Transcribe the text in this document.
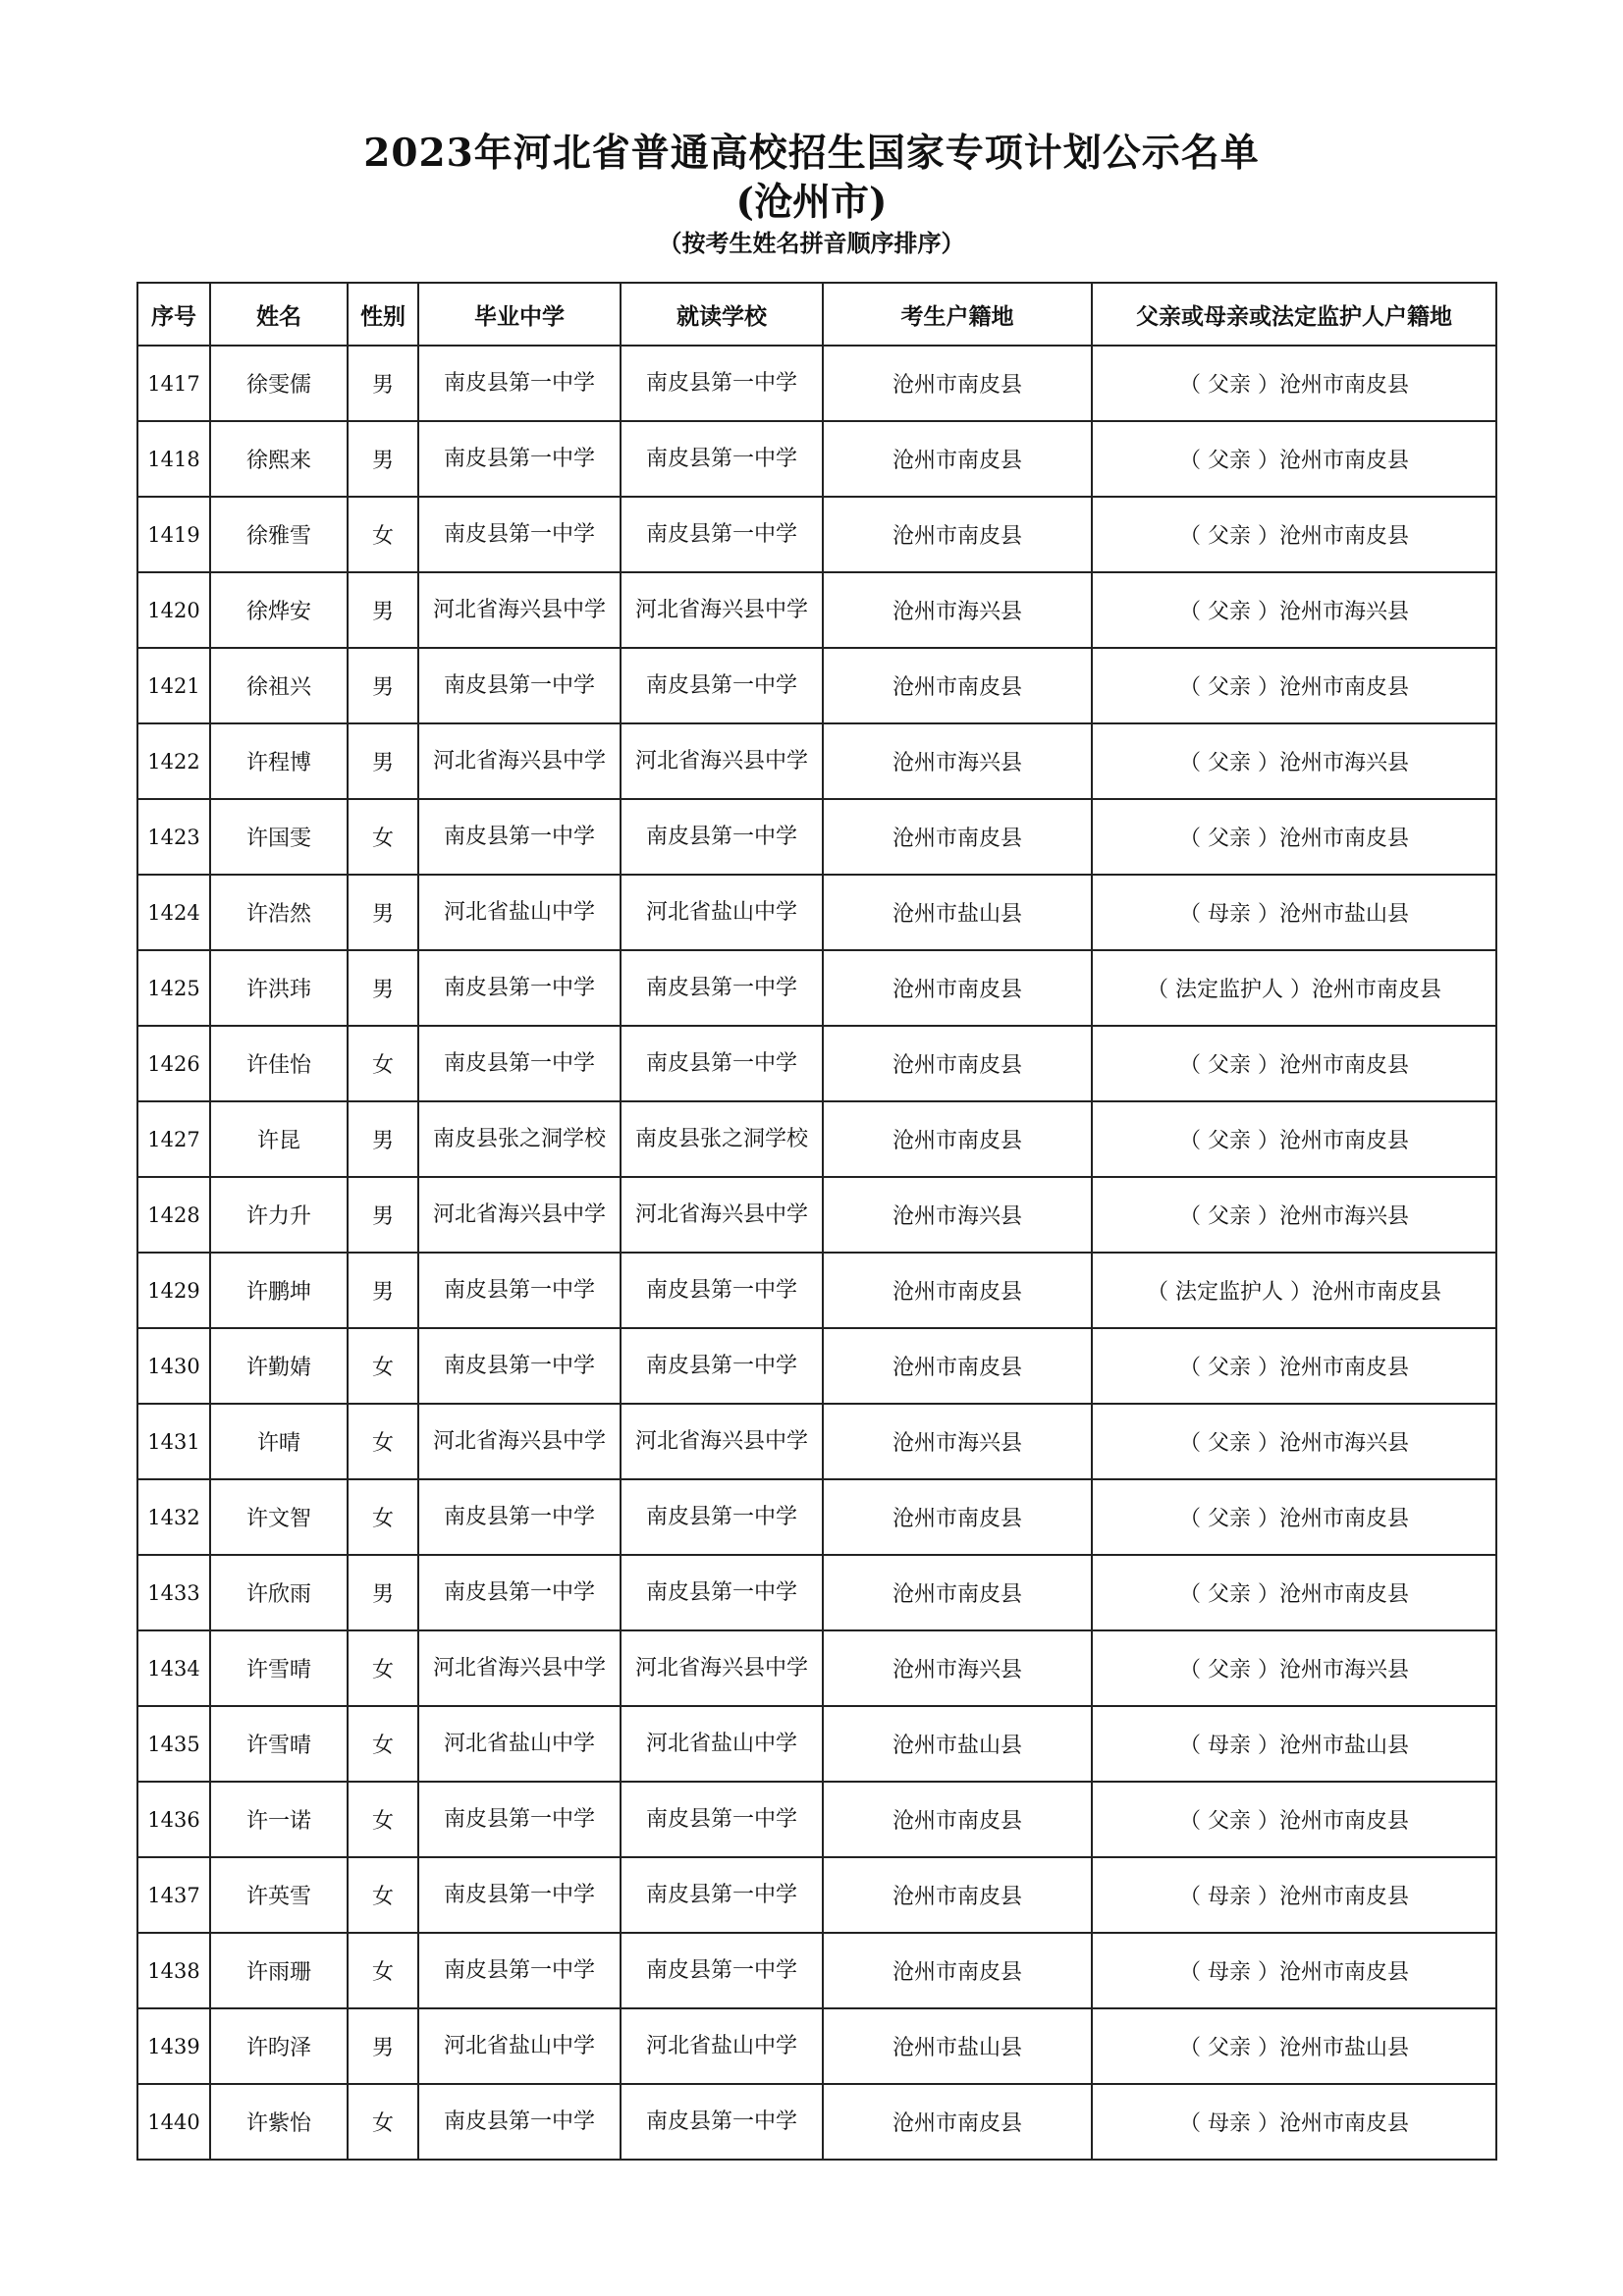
2023年河北省普通高校招生国家专项计划公示名单
(沧州市)
（按考生姓名拼音顺序排序）
序号	姓名	性别	毕业中学	就读学校	考生户籍地	父亲或母亲或法定监护人户籍地
1417	徐雯儒	男	南皮县第一中学	南皮县第一中学	沧州市南皮县	（ 父亲 ）沧州市南皮县
1418	徐熙来	男	南皮县第一中学	南皮县第一中学	沧州市南皮县	（ 父亲 ）沧州市南皮县
1419	徐雅雪	女	南皮县第一中学	南皮县第一中学	沧州市南皮县	（ 父亲 ）沧州市南皮县
1420	徐烨安	男	河北省海兴县中学	河北省海兴县中学	沧州市海兴县	（ 父亲 ）沧州市海兴县
1421	徐祖兴	男	南皮县第一中学	南皮县第一中学	沧州市南皮县	（ 父亲 ）沧州市南皮县
1422	许程博	男	河北省海兴县中学	河北省海兴县中学	沧州市海兴县	（ 父亲 ）沧州市海兴县
1423	许国雯	女	南皮县第一中学	南皮县第一中学	沧州市南皮县	（ 父亲 ）沧州市南皮县
1424	许浩然	男	河北省盐山中学	河北省盐山中学	沧州市盐山县	（ 母亲 ）沧州市盐山县
1425	许洪玮	男	南皮县第一中学	南皮县第一中学	沧州市南皮县	（ 法定监护人 ）沧州市南皮县
1426	许佳怡	女	南皮县第一中学	南皮县第一中学	沧州市南皮县	（ 父亲 ）沧州市南皮县
1427	许昆	男	南皮县张之洞学校	南皮县张之洞学校	沧州市南皮县	（ 父亲 ）沧州市南皮县
1428	许力升	男	河北省海兴县中学	河北省海兴县中学	沧州市海兴县	（ 父亲 ）沧州市海兴县
1429	许鹏坤	男	南皮县第一中学	南皮县第一中学	沧州市南皮县	（ 法定监护人 ）沧州市南皮县
1430	许勤婧	女	南皮县第一中学	南皮县第一中学	沧州市南皮县	（ 父亲 ）沧州市南皮县
1431	许晴	女	河北省海兴县中学	河北省海兴县中学	沧州市海兴县	（ 父亲 ）沧州市海兴县
1432	许文智	女	南皮县第一中学	南皮县第一中学	沧州市南皮县	（ 父亲 ）沧州市南皮县
1433	许欣雨	男	南皮县第一中学	南皮县第一中学	沧州市南皮县	（ 父亲 ）沧州市南皮县
1434	许雪晴	女	河北省海兴县中学	河北省海兴县中学	沧州市海兴县	（ 父亲 ）沧州市海兴县
1435	许雪晴	女	河北省盐山中学	河北省盐山中学	沧州市盐山县	（ 母亲 ）沧州市盐山县
1436	许一诺	女	南皮县第一中学	南皮县第一中学	沧州市南皮县	（ 父亲 ）沧州市南皮县
1437	许英雪	女	南皮县第一中学	南皮县第一中学	沧州市南皮县	（ 母亲 ）沧州市南皮县
1438	许雨珊	女	南皮县第一中学	南皮县第一中学	沧州市南皮县	（ 母亲 ）沧州市南皮县
1439	许昀泽	男	河北省盐山中学	河北省盐山中学	沧州市盐山县	（ 父亲 ）沧州市盐山县
1440	许紫怡	女	南皮县第一中学	南皮县第一中学	沧州市南皮县	（ 母亲 ）沧州市南皮县
